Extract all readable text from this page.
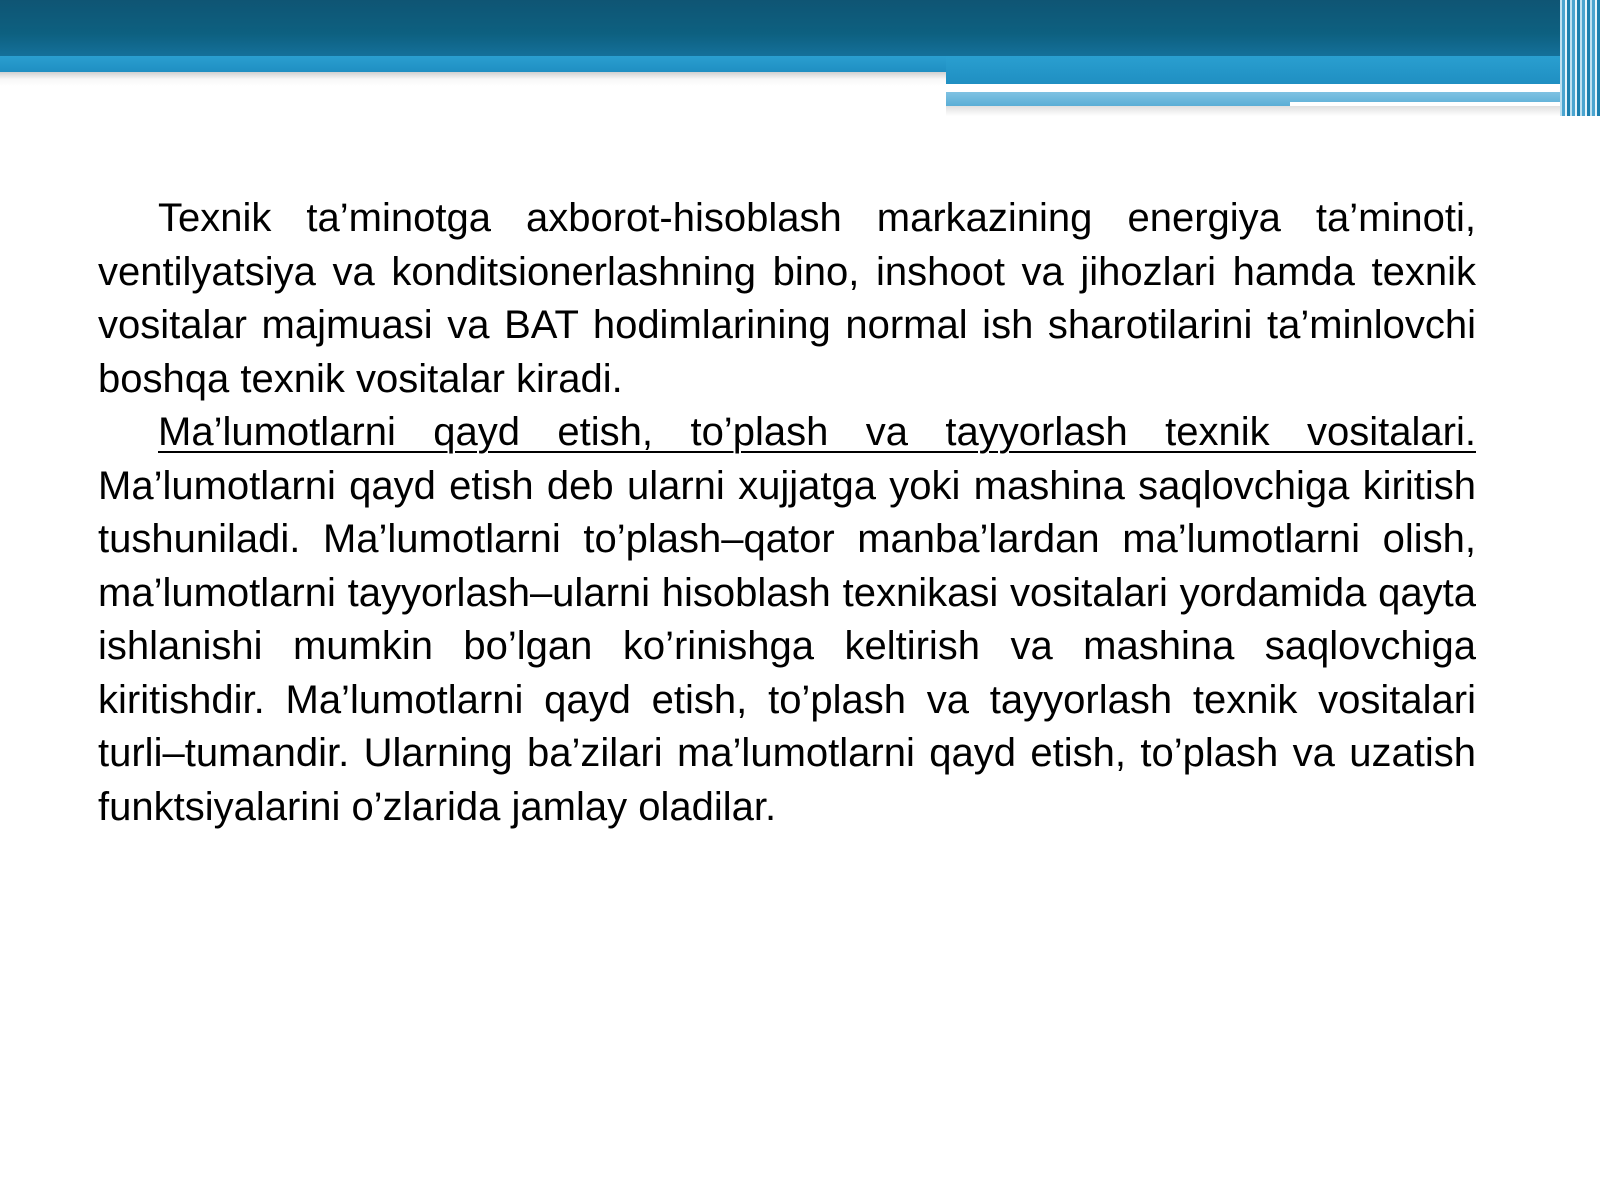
Texnik ta’minotga axborot-hisoblash markazining energiya ta’minoti, ventilyatsiya va konditsionerlashning bino, inshoot va jihozlari hamda texnik vositalar majmuasi va BAT hodimlarining normal ish sharotilarini ta’minlovchi boshqa texnik vositalar kiradi.

Ma’lumotlarni qayd etish, to’plash va tayyorlash texnik vositalari. Ma’lumotlarni qayd etish deb ularni xujjatga yoki mashina saqlovchiga kiritish tushuniladi. Ma’lumotlarni to’plash–qator manba’lardan ma’lumotlarni olish, ma’lumotlarni tayyorlash–ularni hisoblash texnikasi vositalari yordamida qayta ishlanishi mumkin bo’lgan ko’rinishga keltirish va mashina saqlovchiga kiritishdir. Ma’lumotlarni qayd etish, to’plash va tayyorlash texnik vositalari turli–tumandir. Ularning ba’zilari ma’lumotlarni qayd etish, to’plash va uzatish funktsiyalarini o’zlarida jamlay oladilar.
